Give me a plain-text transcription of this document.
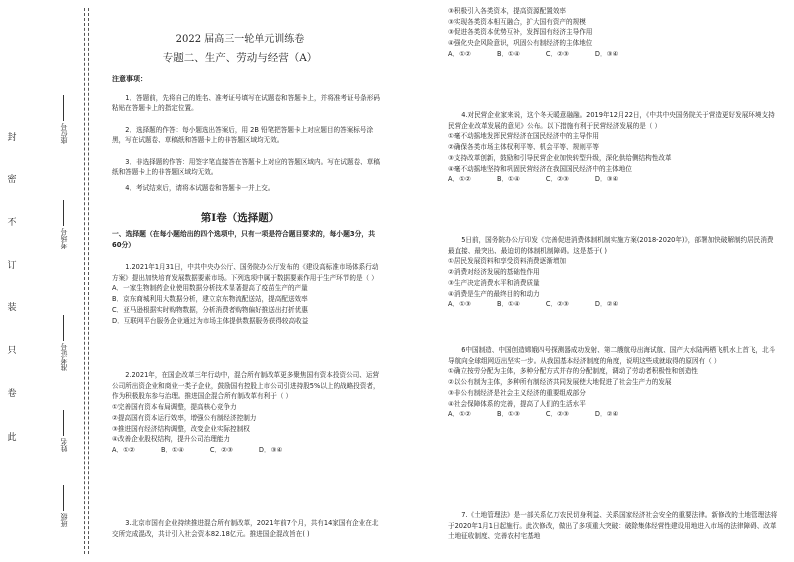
封
密
不
订
装
只
卷
此
座位号
考场号
准考证号
姓名
班级
2022 届高三一轮单元训练卷
专题二、生产、劳动与经营（A）
注意事项：

1．答题前，先将自己的姓名、准考证号填写在试题卷和答题卡上，并将准考证号条形码粘贴在答题卡上的指定位置。

2．选择题的作答：每小题选出答案后，用 2B 铅笔把答题卡上对应题目的答案标号涂黑，写在试题卷、草稿纸和答题卡上的非答题区域均无效。

3．非选择题的作答：用签字笔直接答在答题卡上对应的答题区域内。写在试题卷、草稿纸和答题卡上的非答题区域均无效。

4．考试结束后，请将本试题卷和答题卡一并上交。

第Ⅰ卷（选择题）
一、选择题（在每小题给出的四个选项中，只有一项是符合题目要求的，每小题3分，共60分）

1.2021年1月31日，中共中央办公厅、国务院办公厅发布的《建设高标准市场体系行动方案》提出加快培育发展数据要素市场。下列选项中属于数据要素作用于生产环节的是（ ）

A．一家生物制药企业使用数据分析技术显著提高了疫苗生产的产量

B．京东商城利用大数据分析，建立京东物流配送站，提高配送效率

C．亚马逊根据实时购物数据，分析消费者购物偏好推送出打折优惠

D．互联网平台服务企业通过为市场主体提供数据服务获得较高收益

2.2021年，在国企改革三年行动中，混合所有制改革更多聚焦国有资本投资公司、运营公司所出资企业和商业一类子企业，鼓励国有控股上市公司引进持股5%以上的战略投资者，作为积极股东参与治理。推进国企混合所有制改革有利于（ ）

①完善国有资本布局调整，提高核心竞争力

②提高国有资本运行效率，增强公有制经济控制力

③推进国有经济结构调整，改变企业实际控制权

④改善企业股权结构，提升公司治理能力

A．①②	B．①④	C．②③	D．③④

3.北京市国有企业持续推进混合所有制改革，2021年前7个月，共有14家国有企业在北交所完成混改，共计引入社会资本82.18亿元。推进国企混改旨在( )

③积极引入各类资本，提高资源配置效率

③实现各类资本相互融合，扩大国有资产的规模

③促进各类资本优势互补，发挥国有经济主导作用

④强化央企风险意识，巩固公有制经济的主体地位

A．①②	B．①④	C．②③	D．③④

4.对民营企业家来说，这个冬天暖意融融。2019年12月22日，《中共中央国务院关于营造更好发展环境支持民营企业改革发展的意见》公布。以下措施有利于民营经济发展的是（ ）

①毫不动摇地发挥民营经济在国民经济中的主导作用

②确保各类市场主体权利平等、机会平等、规则平等

③支持改革创新，鼓励和引导民营企业加快转型升级，深化供给侧结构性改革

④毫不动摇地坚持和巩固民营经济在我国国民经济中的主体地位

A．①②	B．①④	C．②③	D．③④

5日前，国务院办公厅印发《完善促进消费体制机制实施方案(2018-2020年)》，部署加快破解制约居民消费最直接、最突出、最迫切的体制机制障碍。这是基于( )

①居民发展资料和享受资料消费逐渐增加

②消费对经济发展的基础性作用

③生产决定消费水平和消费质量

④消费是生产的最终目的和动力

A．①③	B．①④	C．②③	D．②④

6中国制造、中国创造嫦娥四号探测器成功发射、第二艘航母出海试航、国产大水陆两栖飞机水上首飞，北斗导航向全球组网迈出坚实一步。从我国基本经济制度的角度，说明这些成就取得的原因有（ ）

①确立按劳分配为主体，多种分配方式并存的分配制度，调动了劳动者积极性和创造性

②以公有制为主体，多种所有制经济共同发展使大地促进了社会生产力的发展

③非公有制经济是社会主义经济的重要组成部分

④社会保障体系的完善，提高了人们的生活水平

A．①②	B．①③	C．②③	D．②④

7.《土地管理法》是一部关系亿万农民切身利益、关系国家经济社会安全的重要法律。新修改的土地管理法将于2020年1月1日起施行。此次修改，做出了多项重大突破：破除集体经营性建设用地进入市场的法律障碍、改革土地征收制度、完善农村宅基地
